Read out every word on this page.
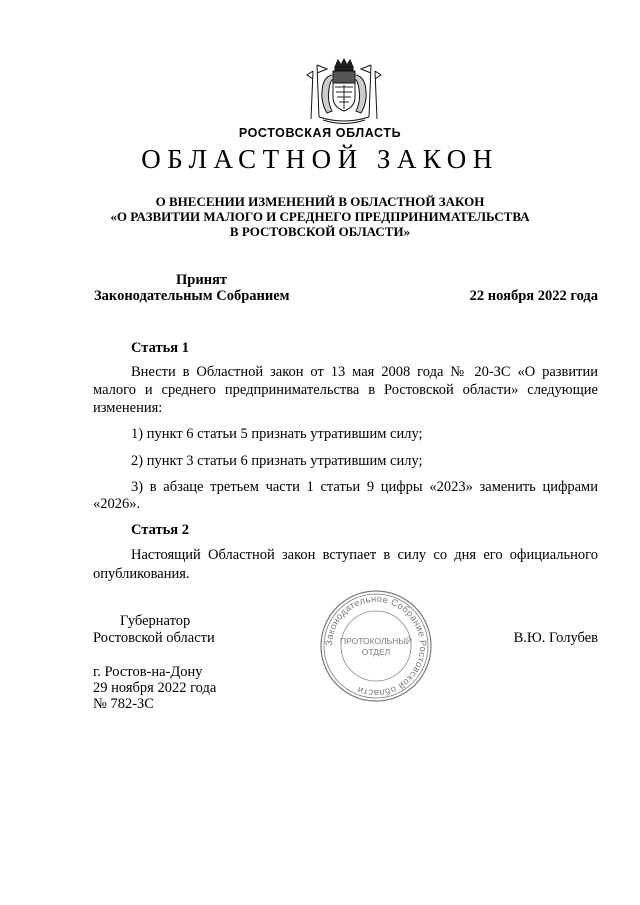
РОСТОВСКАЯ ОБЛАСТЬ
ОБЛАСТНОЙ ЗАКОН
О ВНЕСЕНИИ ИЗМЕНЕНИЙ В ОБЛАСТНОЙ ЗАКОН
«О РАЗВИТИИ МАЛОГО И СРЕДНЕГО ПРЕДПРИНИМАТЕЛЬСТВА
В РОСТОВСКОЙ ОБЛАСТИ»
Принят
Законодательным Собранием	22 ноября 2022 года
Статья 1
Внести в Областной закон от 13 мая 2008 года № 20-ЗС «О развитии
малого и среднего предпринимательства в Ростовской области» следующие
изменения:
1) пункт 6 статьи 5 признать утратившим силу;
2) пункт 3 статьи 6 признать утратившим силу;
3) в абзаце третьем части 1 статьи 9 цифры «2023» заменить цифрами
«2026».
Статья 2
Настоящий Областной закон вступает в силу со дня его официального
опубликования.
Губернатор
Ростовской области	В.Ю. Голубев
г. Ростов-на-Дону
29 ноября 2022 года
№ 782-ЗС
Законодательное Собрание Ростовской области
ПРОТОКОЛЬНЫЙ
ОТДЕЛ
